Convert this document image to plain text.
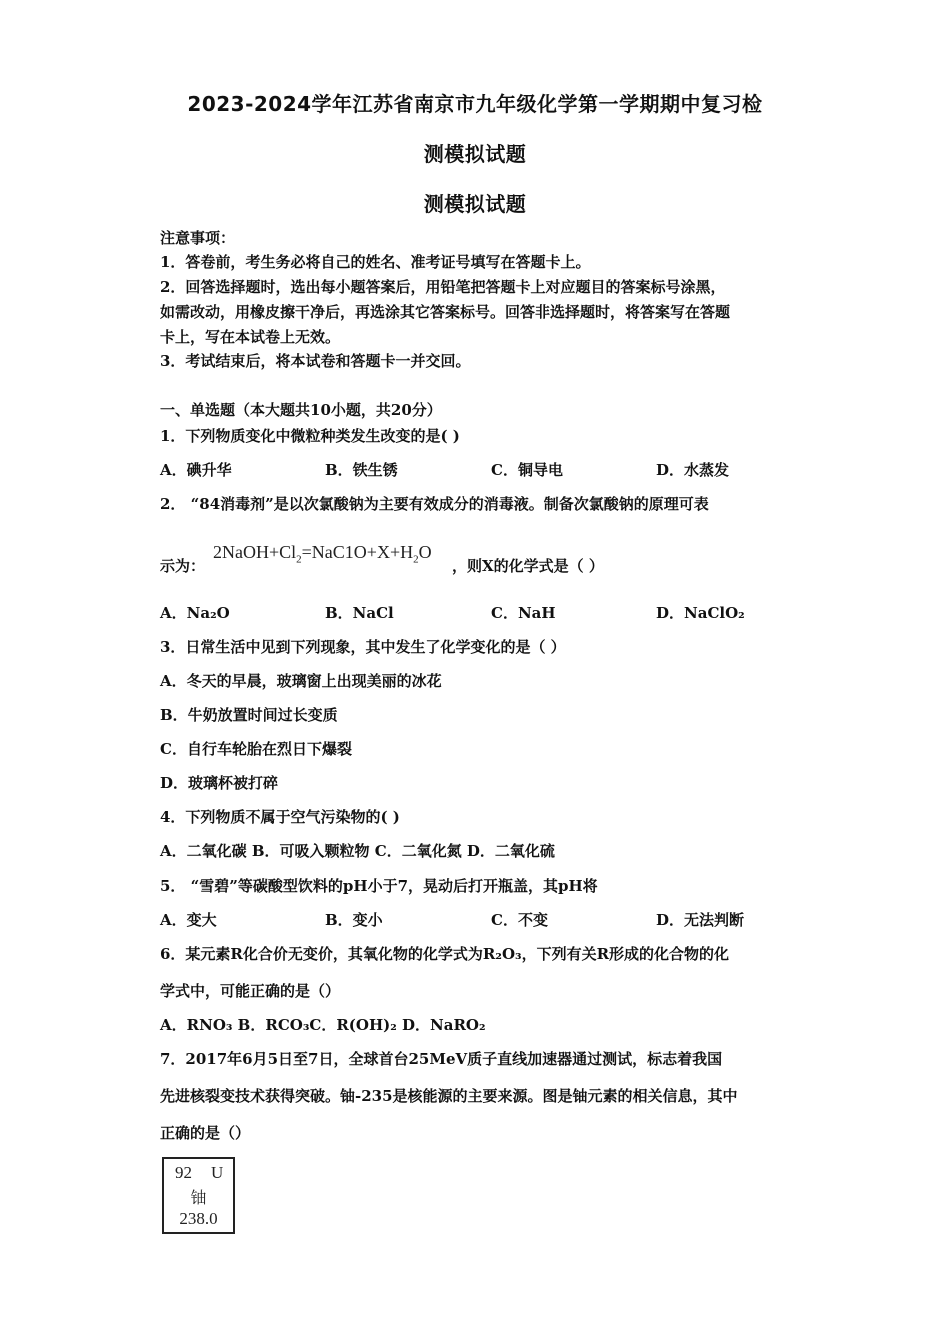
2023-2024学年江苏省南京市九年级化学第一学期期中复习检
测模拟试题
测模拟试题
注意事项：
1．答卷前，考生务必将自己的姓名、准考证号填写在答题卡上。
2．回答选择题时，选出每小题答案后，用铅笔把答题卡上对应题目的答案标号涂黑，
如需改动，用橡皮擦干净后，再选涂其它答案标号。回答非选择题时，将答案写在答题
卡上，写在本试卷上无效。
3．考试结束后，将本试卷和答题卡一并交回。
一、单选题（本大题共10小题，共20分）
1．下列物质变化中微粒种类发生改变的是( )
A．碘升华	B．铁生锈	C．铜导电	D．水蒸发
2． “84消毒剂”是以次氯酸钠为主要有效成分的消毒液。制备次氯酸钠的原理可表
示为：
$2NaOH+Cl_2=NaC1O+X+H_2O$
，则X的化学式是（ ）
A．Na₂O	B．NaCl	C．NaH	D．NaClO₂
3．日常生活中见到下列现象，其中发生了化学变化的是（ ）
A．冬天的早晨，玻璃窗上出现美丽的冰花
B．牛奶放置时间过长变质
C．自行车轮胎在烈日下爆裂
D．玻璃杯被打碎
4．下列物质不属于空气污染物的( )
A．二氧化碳 B．可吸入颗粒物 C．二氧化氮 D．二氧化硫
5． “雪碧”等碳酸型饮料的pH小于7，晃动后打开瓶盖，其pH将
A．变大	B．变小	C．不变	D．无法判断
6．某元素R化合价无变价，其氧化物的化学式为R₂O₃，下列有关R形成的化合物的化
学式中，可能正确的是（）
A．RNO₃ B．RCO₃C．R(OH)₂ D．NaRO₂
7．2017年6月5日至7日，全球首台25MeV质子直线加速器通过测试，标志着我国
先进核裂变技术获得突破。铀-235是核能源的主要来源。图是铀元素的相关信息，其中
正确的是（）
92 U
铀
238.0
